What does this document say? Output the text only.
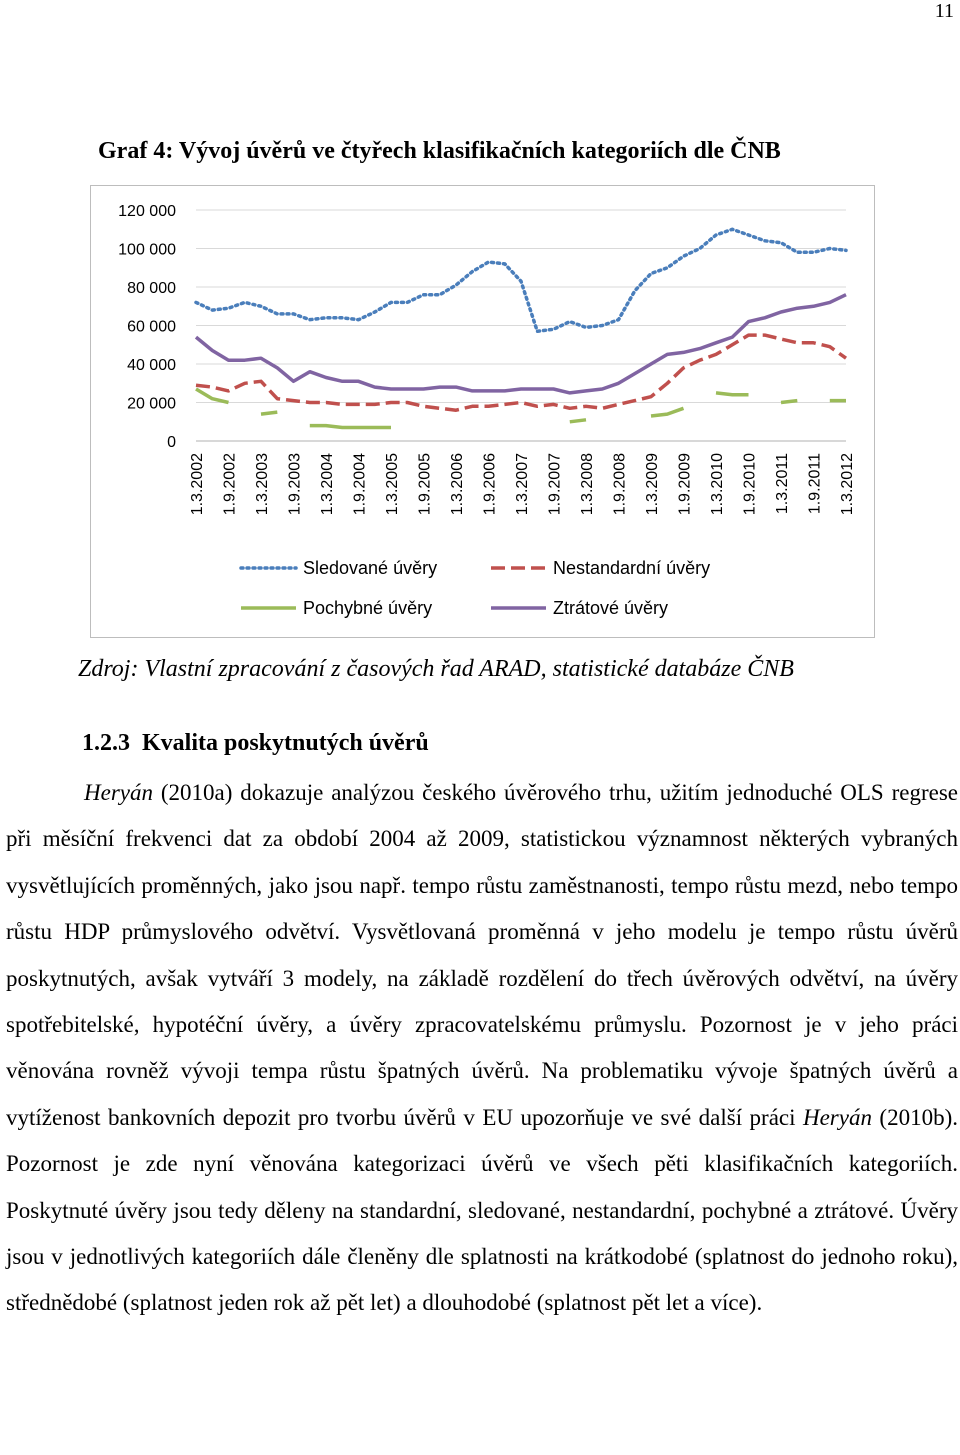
11
Graf 4: Vývoj úvěrů ve čtyřech klasifikačních kategoriích dle ČNB
0
20 000
40 000
60 000
80 000
100 000
120 000
1.3.2002 1.9.2002 1.3.2003 1.9.2003 1.3.2004 1.9.2004 1.3.2005 1.9.2005 1.3.2006 1.9.2006 1.3.2007 1.9.2007 1.3.2008 1.9.2008 1.3.2009 1.9.2009 1.3.2010 1.9.2010 1.3.2011 1.9.2011 1.3.2012
Sledované úvěry	Nestandardní úvěry
Pochybné úvěry	Ztrátové úvěry
Zdroj: Vlastní zpracování z časových řad ARAD, statistické databáze ČNB
1.2.3 Kvalita poskytnutých úvěrů

Heryán (2010a) dokazuje analýzou českého úvěrového trhu, užitím jednoduché OLS regrese při měsíční frekvenci dat za období 2004 až 2009, statistickou významnost některých vybraných vysvětlujících proměnných, jako jsou např. tempo růstu zaměstnanosti, tempo růstu mezd, nebo tempo růstu HDP průmyslového odvětví. Vysvětlovaná proměnná v jeho modelu je tempo růstu úvěrů poskytnutých, avšak vytváří 3 modely, na základě rozdělení do třech úvěrových odvětví, na úvěry spotřebitelské, hypotéční úvěry, a úvěry zpracovatelskému průmyslu. Pozornost je v jeho práci věnována rovněž vývoji tempa růstu špatných úvěrů. Na problematiku vývoje špatných úvěrů a vytíženost bankovních depozit pro tvorbu úvěrů v EU upozorňuje ve své další práci Heryán (2010b). Pozornost je zde nyní věnována kategorizaci úvěrů ve všech pěti klasifikačních kategoriích. Poskytnuté úvěry jsou tedy děleny na standardní, sledované, nestandardní, pochybné a ztrátové. Úvěry jsou v jednotlivých kategoriích dále členěny dle splatnosti na krátkodobé (splatnost do jednoho roku), střednědobé (splatnost jeden rok až pět let) a dlouhodobé (splatnost pět let a více).
